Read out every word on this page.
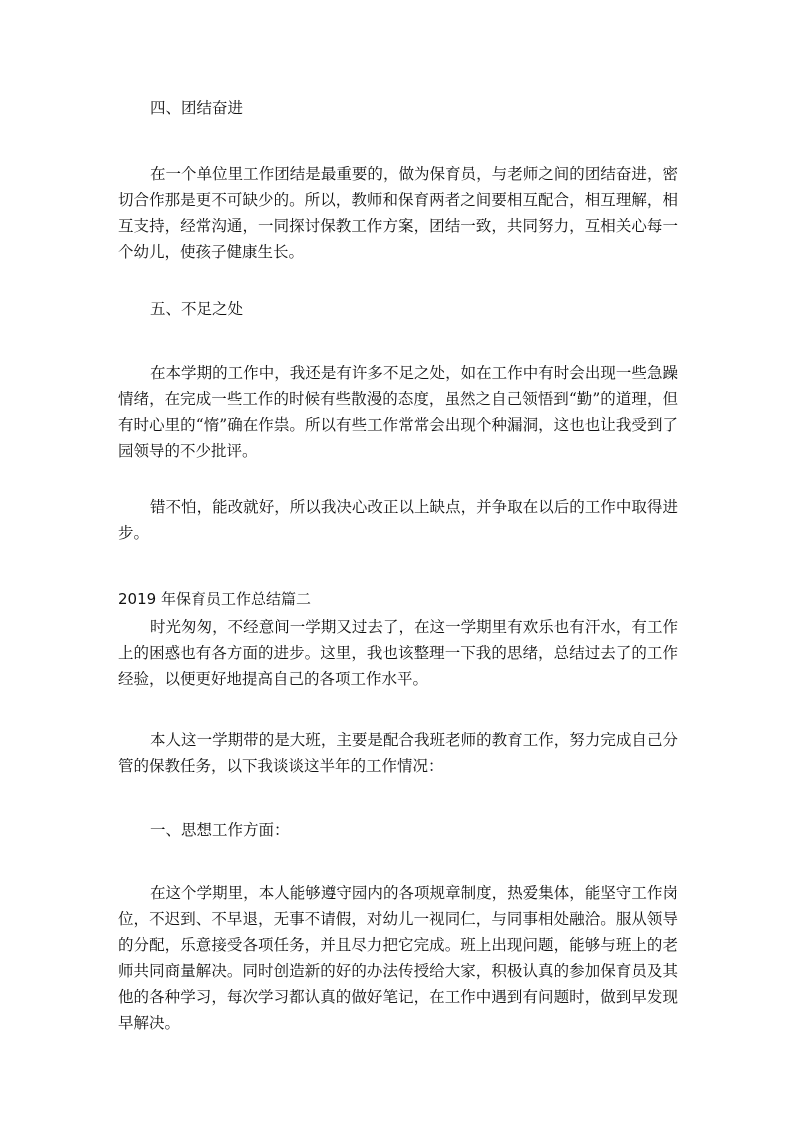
四、团结奋进

在一个单位里工作团结是最重要的，做为保育员，与老师之间的团结奋进，密切合作那是更不可缺少的。所以，教师和保育两者之间要相互配合，相互理解，相互支持，经常沟通，一同探讨保教工作方案，团结一致，共同努力，互相关心每一个幼儿，使孩子健康生长。

五、不足之处

在本学期的工作中，我还是有许多不足之处，如在工作中有时会出现一些急躁情绪，在完成一些工作的时候有些散漫的态度，虽然之自己领悟到“勤”的道理，但有时心里的“惰”确在作祟。所以有些工作常常会出现个种漏洞，这也也让我受到了园领导的不少批评。

错不怕，能改就好，所以我决心改正以上缺点，并争取在以后的工作中取得进步。

2019 年保育员工作总结篇二

时光匆匆，不经意间一学期又过去了，在这一学期里有欢乐也有汗水，有工作上的困惑也有各方面的进步。这里，我也该整理一下我的思绪，总结过去了的工作经验，以便更好地提高自己的各项工作水平。

本人这一学期带的是大班，主要是配合我班老师的教育工作，努力完成自己分管的保教任务，以下我谈谈这半年的工作情况：

一、思想工作方面：

在这个学期里，本人能够遵守园内的各项规章制度，热爱集体，能坚守工作岗位，不迟到、不早退，无事不请假，对幼儿一视同仁，与同事相处融洽。服从领导的分配，乐意接受各项任务，并且尽力把它完成。班上出现问题，能够与班上的老师共同商量解决。同时创造新的好的办法传授给大家，积极认真的参加保育员及其他的各种学习，每次学习都认真的做好笔记，在工作中遇到有问题时，做到早发现早解决。
